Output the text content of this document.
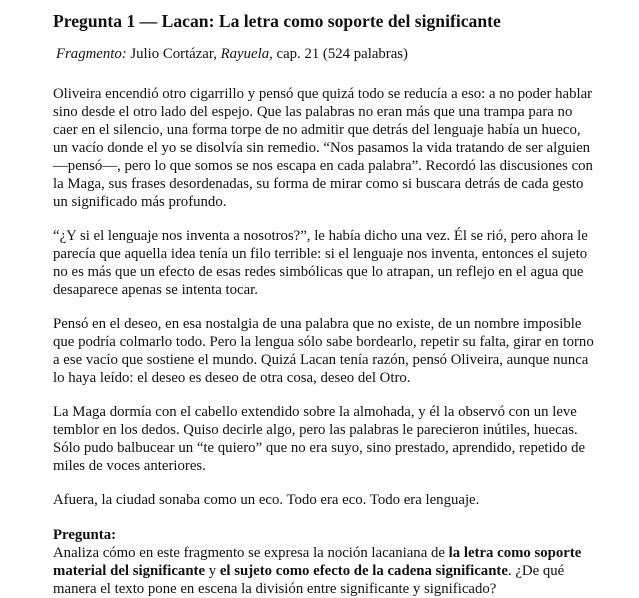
Pregunta 1 — Lacan: La letra como soporte del significante
Fragmento: Julio Cortázar, Rayuela, cap. 21 (524 palabras)
Oliveira encendió otro cigarrillo y pensó que quizá todo se reducía a eso: a no poder hablar
sino desde el otro lado del espejo. Que las palabras no eran más que una trampa para no
caer en el silencio, una forma torpe de no admitir que detrás del lenguaje había un hueco,
un vacío donde el yo se disolvía sin remedio. “Nos pasamos la vida tratando de ser alguien
—pensó—, pero lo que somos se nos escapa en cada palabra”. Recordó las discusiones con
la Maga, sus frases desordenadas, su forma de mirar como si buscara detrás de cada gesto
un significado más profundo.
“¿Y si el lenguaje nos inventa a nosotros?”, le había dicho una vez. Él se rió, pero ahora le
parecía que aquella idea tenía un filo terrible: si el lenguaje nos inventa, entonces el sujeto
no es más que un efecto de esas redes simbólicas que lo atrapan, un reflejo en el agua que
desaparece apenas se intenta tocar.
Pensó en el deseo, en esa nostalgia de una palabra que no existe, de un nombre imposible
que podría colmarlo todo. Pero la lengua sólo sabe bordearlo, repetir su falta, girar en torno
a ese vacío que sostiene el mundo. Quizá Lacan tenía razón, pensó Oliveira, aunque nunca
lo haya leído: el deseo es deseo de otra cosa, deseo del Otro.
La Maga dormía con el cabello extendido sobre la almohada, y él la observó con un leve
temblor en los dedos. Quiso decirle algo, pero las palabras le parecieron inútiles, huecas.
Sólo pudo balbucear un “te quiero” que no era suyo, sino prestado, aprendido, repetido de
miles de voces anteriores.
Afuera, la ciudad sonaba como un eco. Todo era eco. Todo era lenguaje.
Pregunta:
Analiza cómo en este fragmento se expresa la noción lacaniana de la letra como soporte
material del significante y el sujeto como efecto de la cadena significante. ¿De qué
manera el texto pone en escena la división entre significante y significado?
